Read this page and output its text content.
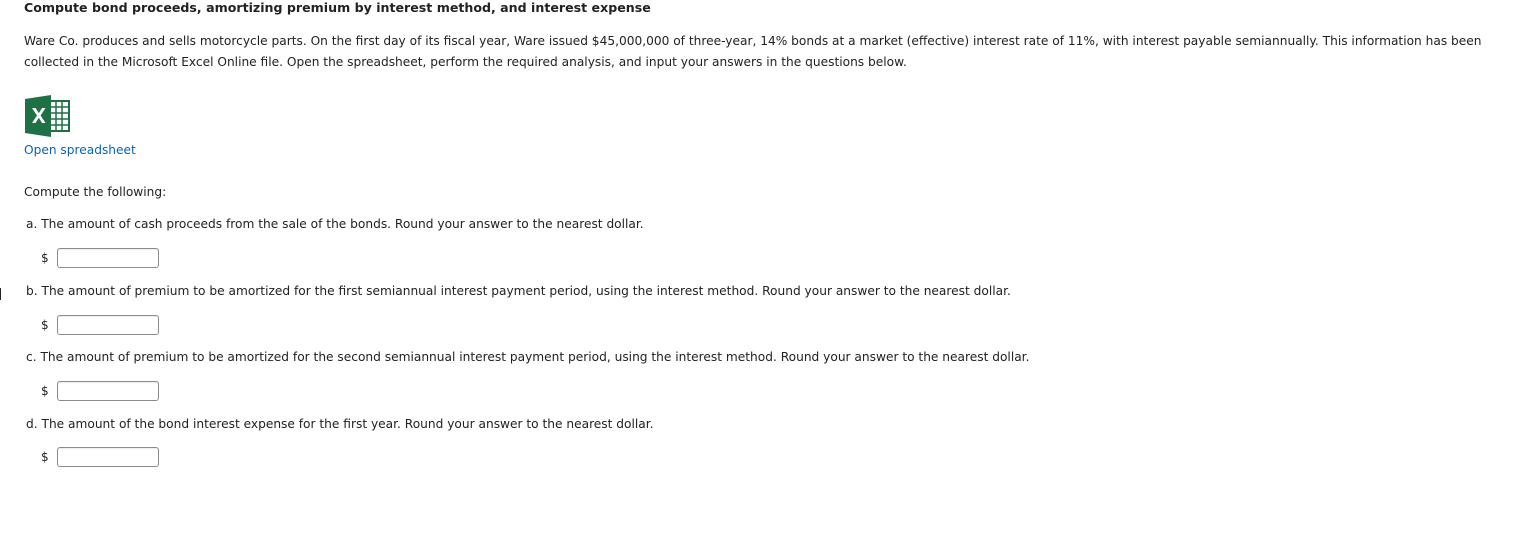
Compute bond proceeds, amortizing premium by interest method, and interest expense
Ware Co. produces and sells motorcycle parts. On the first day of its fiscal year, Ware issued $45,000,000 of three-year, 14% bonds at a market (effective) interest rate of 11%, with interest payable semiannually. This information has been collected in the Microsoft Excel Online file. Open the spreadsheet, perform the required analysis, and input your answers in the questions below.
Open spreadsheet
Compute the following:
a. The amount of cash proceeds from the sale of the bonds. Round your answer to the nearest dollar.
$
b. The amount of premium to be amortized for the first semiannual interest payment period, using the interest method. Round your answer to the nearest dollar.
$
c. The amount of premium to be amortized for the second semiannual interest payment period, using the interest method. Round your answer to the nearest dollar.
$
d. The amount of the bond interest expense for the first year. Round your answer to the nearest dollar.
$
